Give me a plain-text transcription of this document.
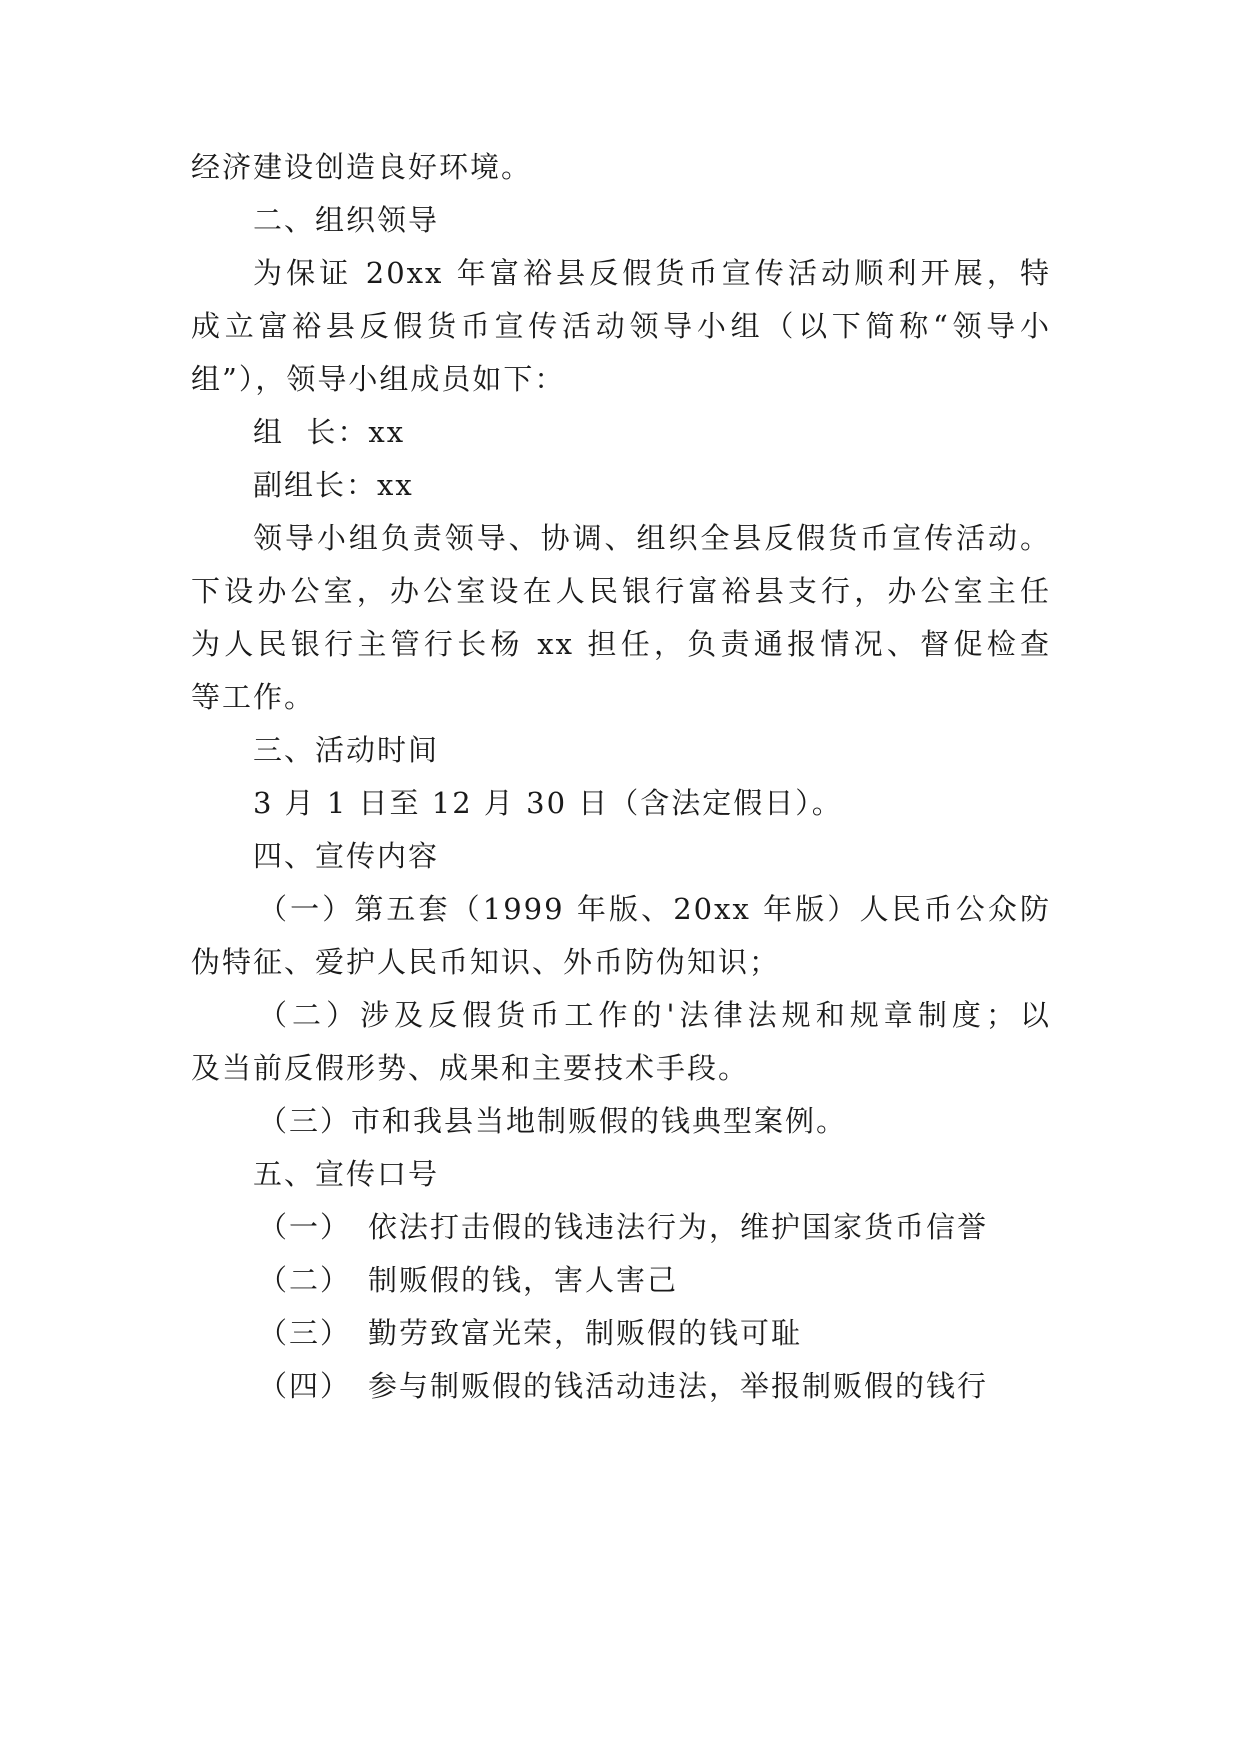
经济建设创造良好环境。
二、组织领导
为保证 20xx 年富裕县反假货币宣传活动顺利开展，特
成立富裕县反假货币宣传活动领导小组（以下简称“领导小
组”），领导小组成员如下：
组  长：xx
副组长：xx
领导小组负责领导、协调、组织全县反假货币宣传活动。
下设办公室，办公室设在人民银行富裕县支行，办公室主任
为人民银行主管行长杨 xx 担任，负责通报情况、督促检查
等工作。
三、活动时间
3 月 1 日至 12 月 30 日（含法定假日）。
四、宣传内容
（一）第五套（1999 年版、20xx 年版）人民币公众防
伪特征、爱护人民币知识、外币防伪知识；
（二）涉及反假货币工作的'法律法规和规章制度；以
及当前反假形势、成果和主要技术手段。
（三）市和我县当地制贩假的钱典型案例。
五、宣传口号
（一） 依法打击假的钱违法行为，维护国家货币信誉
（二） 制贩假的钱，害人害己
（三） 勤劳致富光荣，制贩假的钱可耻
（四） 参与制贩假的钱活动违法，举报制贩假的钱行
